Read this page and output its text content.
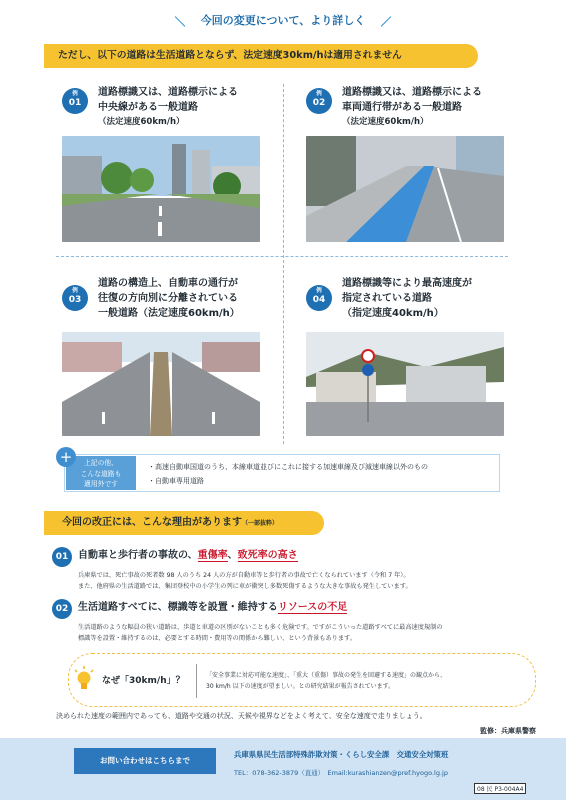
今回の変更について、より詳しく
ただし、以下の道路は生活道路とならず、法定速度30km/hは適用されません
例
01
道路標識又は、道路標示による
中央線がある一般道路
（法定速度60km/h）
例
02
道路標識又は、道路標示による
車両通行帯がある一般道路
（法定速度60km/h）
例
03
道路の構造上、自動車の通行が
往復の方向別に分離されている
一般道路（法定速度60km/h）
例
04
道路標識等により最高速度が
指定されている道路
（指定速度40km/h）
上記の他、
こんな道路も
適用外です
+
・高速自動車国道のうち、本線車道並びにこれに接する加速車線及び減速車線以外のもの
・自動車専用道路
今回の改正には、こんな理由があります（一部抜粋）
01 自動車と歩行者の事故の、重傷率、致死率の高さ
兵庫県では、死亡事故の死者数 98 人のうち 24 人の方が自動車等と歩行者の事故で亡くなられています（令和 7 年）。
また、他府県の生活道路では、集団登校中の小学生の列に車が衝突し多数死傷するような大きな事故も発生しています。
02 生活道路すべてに、標識等を設置・維持するリソースの不足
生活道路のような幅員の狭い道路は、歩道と車道の区別がないことも多く危険です。ですがこういった道路すべてに最高速度規制の
標識等を設置・維持するのは、必要とする時間・費用等の関係から難しい、という背景もあります。
なぜ「30km/h」？
「安全事業に対応可能な速度」、「重大（重傷）事故の発生を回避する速度」の観点から、
30 km/h 以下の速度が望ましい。との研究結果が報告されています。
決められた速度の範囲内であっても、道路や交通の状況、天候や視界などをよく考えて、安全な速度で走りましょう。
監修：兵庫県警察
お問い合わせはこちらまで
兵庫県県民生活部特殊詐欺対策・くらし安全課　交通安全対策班
TEL：078-362-3879（直通）　Email:kurashianzen@pref.hyogo.lg.jp
08 民 P3-004A4
